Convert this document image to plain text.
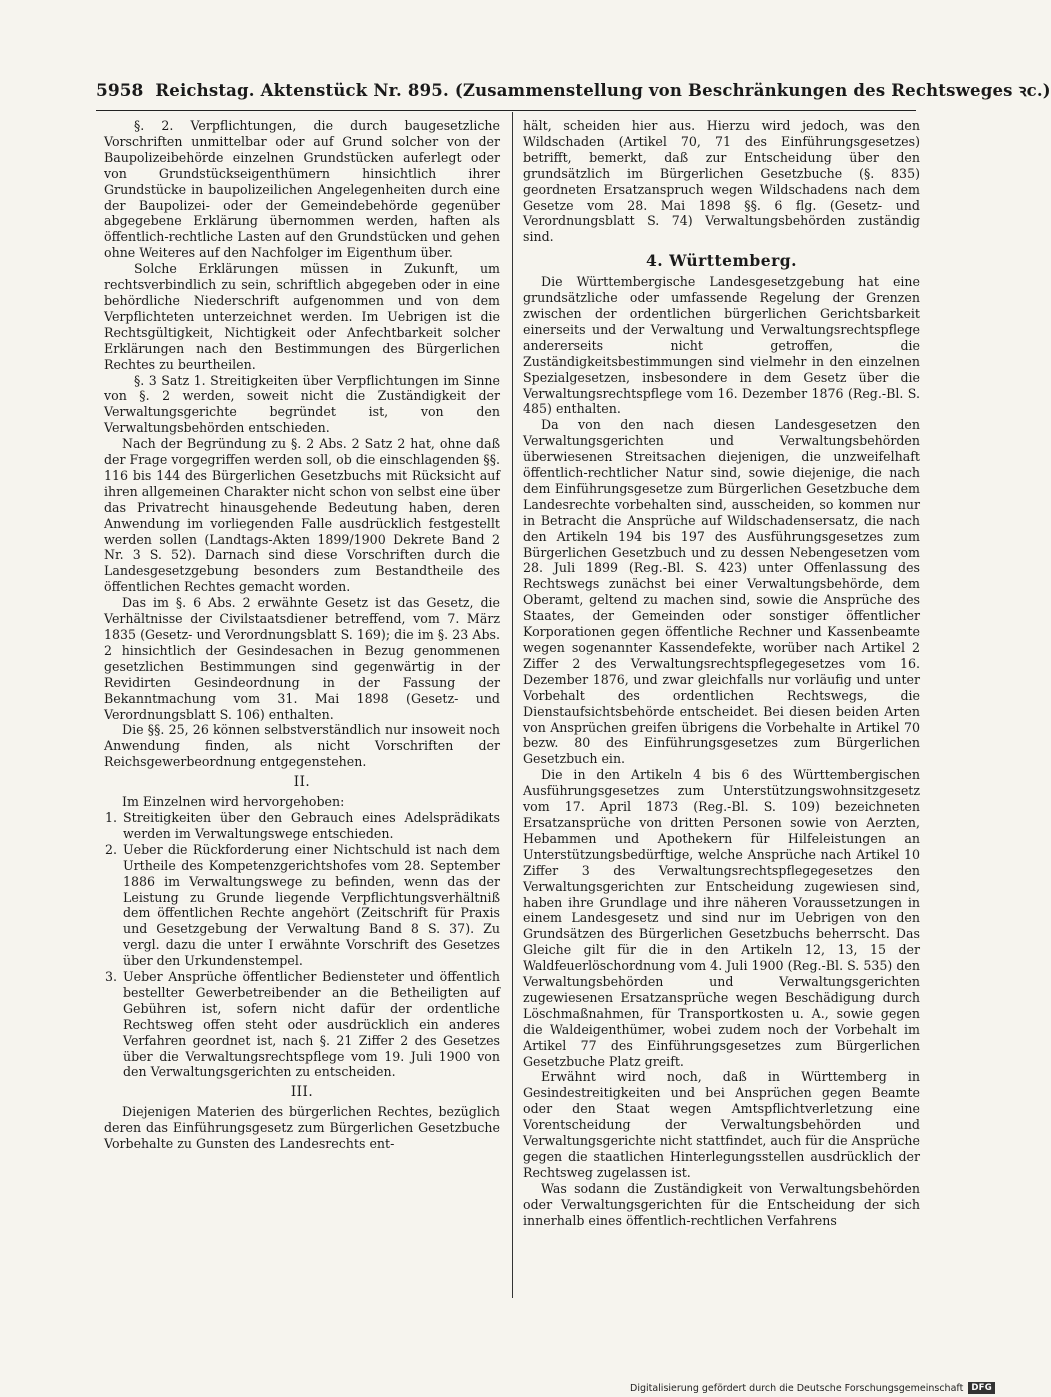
5958 Reichstag. Aktenstück Nr. 895. (Zusammenstellung von Beschränkungen des Rechtsweges ꝛc.)

§. 2. Verpflichtungen, die durch baugesetzliche Vorschriften unmittelbar oder auf Grund solcher von der Baupolizeibehörde einzelnen Grundstücken auferlegt oder von Grundstückseigenthümern hinsichtlich ihrer Grundstücke in baupolizeilichen Angelegenheiten durch eine der Baupolizei- oder der Gemeindebehörde gegenüber abgegebene Erklärung übernommen werden, haften als öffentlich-rechtliche Lasten auf den Grundstücken und gehen ohne Weiteres auf den Nachfolger im Eigenthum über.

Solche Erklärungen müssen in Zukunft, um rechtsverbindlich zu sein, schriftlich abgegeben oder in eine behördliche Niederschrift aufgenommen und von dem Verpflichteten unterzeichnet werden. Im Uebrigen ist die Rechtsgültigkeit, Nichtigkeit oder Anfechtbarkeit solcher Erklärungen nach den Bestimmungen des Bürgerlichen Rechtes zu beurtheilen.

§. 3 Satz 1. Streitigkeiten über Verpflichtungen im Sinne von §. 2 werden, soweit nicht die Zuständigkeit der Verwaltungsgerichte begründet ist, von den Verwaltungsbehörden entschieden.

Nach der Begründung zu §. 2 Abs. 2 Satz 2 hat, ohne daß der Frage vorgegriffen werden soll, ob die einschlagenden §§. 116 bis 144 des Bürgerlichen Gesetzbuchs mit Rücksicht auf ihren allgemeinen Charakter nicht schon von selbst eine über das Privatrecht hinausgehende Bedeutung haben, deren Anwendung im vorliegenden Falle ausdrücklich festgestellt werden sollen (Landtags-Akten 1899/1900 Dekrete Band 2 Nr. 3 S. 52). Darnach sind diese Vorschriften durch die Landesgesetzgebung besonders zum Bestandtheile des öffentlichen Rechtes gemacht worden.

Das im §. 6 Abs. 2 erwähnte Gesetz ist das Gesetz, die Verhältnisse der Civilstaatsdiener betreffend, vom 7. März 1835 (Gesetz- und Verordnungsblatt S. 169); die im §. 23 Abs. 2 hinsichtlich der Gesindesachen in Bezug genommenen gesetzlichen Bestimmungen sind gegenwärtig in der Revidirten Gesindeordnung in der Fassung der Bekanntmachung vom 31. Mai 1898 (Gesetz- und Verordnungsblatt S. 106) enthalten.

Die §§. 25, 26 können selbstverständlich nur insoweit noch Anwendung finden, als nicht Vorschriften der Reichsgewerbeordnung entgegenstehen.

II.

Im Einzelnen wird hervorgehoben:

1. Streitigkeiten über den Gebrauch eines Adelsprädikats werden im Verwaltungswege entschieden.
2. Ueber die Rückforderung einer Nichtschuld ist nach dem Urtheile des Kompetenzgerichtshofes vom 28. September 1886 im Verwaltungswege zu befinden, wenn das der Leistung zu Grunde liegende Verpflichtungsverhältniß dem öffentlichen Rechte angehört (Zeitschrift für Praxis und Gesetzgebung der Verwaltung Band 8 S. 37). Zu vergl. dazu die unter I erwähnte Vorschrift des Gesetzes über den Urkundenstempel.
3. Ueber Ansprüche öffentlicher Bediensteter und öffentlich bestellter Gewerbetreibender an die Betheiligten auf Gebühren ist, sofern nicht dafür der ordentliche Rechtsweg offen steht oder ausdrücklich ein anderes Verfahren geordnet ist, nach §. 21 Ziffer 2 des Gesetzes über die Verwaltungsrechtspflege vom 19. Juli 1900 von den Verwaltungsgerichten zu entscheiden.
III.

Diejenigen Materien des bürgerlichen Rechtes, bezüglich deren das Einführungsgesetz zum Bürgerlichen Gesetzbuche Vorbehalte zu Gunsten des Landesrechts ent-

hält, scheiden hier aus. Hierzu wird jedoch, was den Wildschaden (Artikel 70, 71 des Einführungsgesetzes) betrifft, bemerkt, daß zur Entscheidung über den grundsätzlich im Bürgerlichen Gesetzbuche (§. 835) geordneten Ersatzanspruch wegen Wildschadens nach dem Gesetze vom 28. Mai 1898 §§. 6 flg. (Gesetz- und Verordnungsblatt S. 74) Verwaltungsbehörden zuständig sind.

4. Württemberg.

Die Württembergische Landesgesetzgebung hat eine grundsätzliche oder umfassende Regelung der Grenzen zwischen der ordentlichen bürgerlichen Gerichtsbarkeit einerseits und der Verwaltung und Verwaltungsrechtspflege andererseits nicht getroffen, die Zuständigkeitsbestimmungen sind vielmehr in den einzelnen Spezialgesetzen, insbesondere in dem Gesetz über die Verwaltungsrechtspflege vom 16. Dezember 1876 (Reg.-Bl. S. 485) enthalten.

Da von den nach diesen Landesgesetzen den Verwaltungsgerichten und Verwaltungsbehörden überwiesenen Streitsachen diejenigen, die unzweifelhaft öffentlich-rechtlicher Natur sind, sowie diejenige, die nach dem Einführungsgesetze zum Bürgerlichen Gesetzbuche dem Landesrechte vorbehalten sind, ausscheiden, so kommen nur in Betracht die Ansprüche auf Wildschadensersatz, die nach den Artikeln 194 bis 197 des Ausführungsgesetzes zum Bürgerlichen Gesetzbuch und zu dessen Nebengesetzen vom 28. Juli 1899 (Reg.-Bl. S. 423) unter Offenlassung des Rechtswegs zunächst bei einer Verwaltungsbehörde, dem Oberamt, geltend zu machen sind, sowie die Ansprüche des Staates, der Gemeinden oder sonstiger öffentlicher Korporationen gegen öffentliche Rechner und Kassenbeamte wegen sogenannter Kassendefekte, worüber nach Artikel 2 Ziffer 2 des Verwaltungsrechtspflegegesetzes vom 16. Dezember 1876, und zwar gleichfalls nur vorläufig und unter Vorbehalt des ordentlichen Rechtswegs, die Dienstaufsichtsbehörde entscheidet. Bei diesen beiden Arten von Ansprüchen greifen übrigens die Vorbehalte in Artikel 70 bezw. 80 des Einführungsgesetzes zum Bürgerlichen Gesetzbuch ein.

Die in den Artikeln 4 bis 6 des Württembergischen Ausführungsgesetzes zum Unterstützungswohnsitzgesetz vom 17. April 1873 (Reg.-Bl. S. 109) bezeichneten Ersatzansprüche von dritten Personen sowie von Aerzten, Hebammen und Apothekern für Hilfeleistungen an Unterstützungsbedürftige, welche Ansprüche nach Artikel 10 Ziffer 3 des Verwaltungsrechtspflegegesetzes den Verwaltungsgerichten zur Entscheidung zugewiesen sind, haben ihre Grundlage und ihre näheren Voraussetzungen in einem Landesgesetz und sind nur im Uebrigen von den Grundsätzen des Bürgerlichen Gesetzbuchs beherrscht. Das Gleiche gilt für die in den Artikeln 12, 13, 15 der Waldfeuerlöschordnung vom 4. Juli 1900 (Reg.-Bl. S. 535) den Verwaltungsbehörden und Verwaltungsgerichten zugewiesenen Ersatzansprüche wegen Beschädigung durch Löschmaßnahmen, für Transportkosten u. A., sowie gegen die Waldeigenthümer, wobei zudem noch der Vorbehalt im Artikel 77 des Einführungsgesetzes zum Bürgerlichen Gesetzbuche Platz greift.

Erwähnt wird noch, daß in Württemberg in Gesindestreitigkeiten und bei Ansprüchen gegen Beamte oder den Staat wegen Amtspflichtverletzung eine Vorentscheidung der Verwaltungsbehörden und Verwaltungsgerichte nicht stattfindet, auch für die Ansprüche gegen die staatlichen Hinterlegungsstellen ausdrücklich der Rechtsweg zugelassen ist.

Was sodann die Zuständigkeit von Verwaltungsbehörden oder Verwaltungsgerichten für die Entscheidung der sich innerhalb eines öffentlich-rechtlichen Verfahrens

Digitalisierung gefördert durch die Deutsche Forschungsgemeinschaft DFG
